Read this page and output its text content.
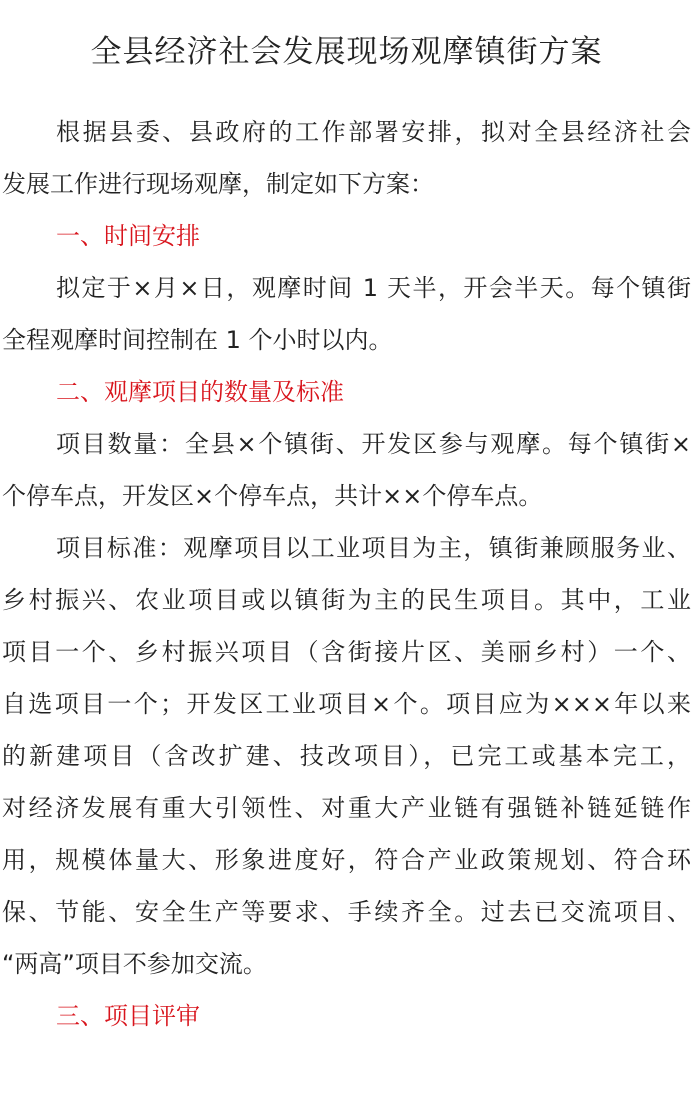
全县经济社会发展现场观摩镇街方案
根据县委、县政府的工作部署安排，拟对全县经济社会
发展工作进行现场观摩，制定如下方案：
一、时间安排
拟定于×月×日，观摩时间 1 天半，开会半天。每个镇街
全程观摩时间控制在 1 个小时以内。
二、观摩项目的数量及标准
项目数量：全县×个镇街、开发区参与观摩。每个镇街×
个停车点，开发区×个停车点，共计××个停车点。
项目标准：观摩项目以工业项目为主，镇街兼顾服务业、
乡村振兴、农业项目或以镇街为主的民生项目。其中，工业
项目一个、乡村振兴项目（含街接片区、美丽乡村）一个、
自选项目一个；开发区工业项目×个。项目应为×××年以来
的新建项目（含改扩建、技改项目），已完工或基本完工，
对经济发展有重大引领性、对重大产业链有强链补链延链作
用，规模体量大、形象进度好，符合产业政策规划、符合环
保、节能、安全生产等要求、手续齐全。过去已交流项目、
“两高”项目不参加交流。
三、项目评审
